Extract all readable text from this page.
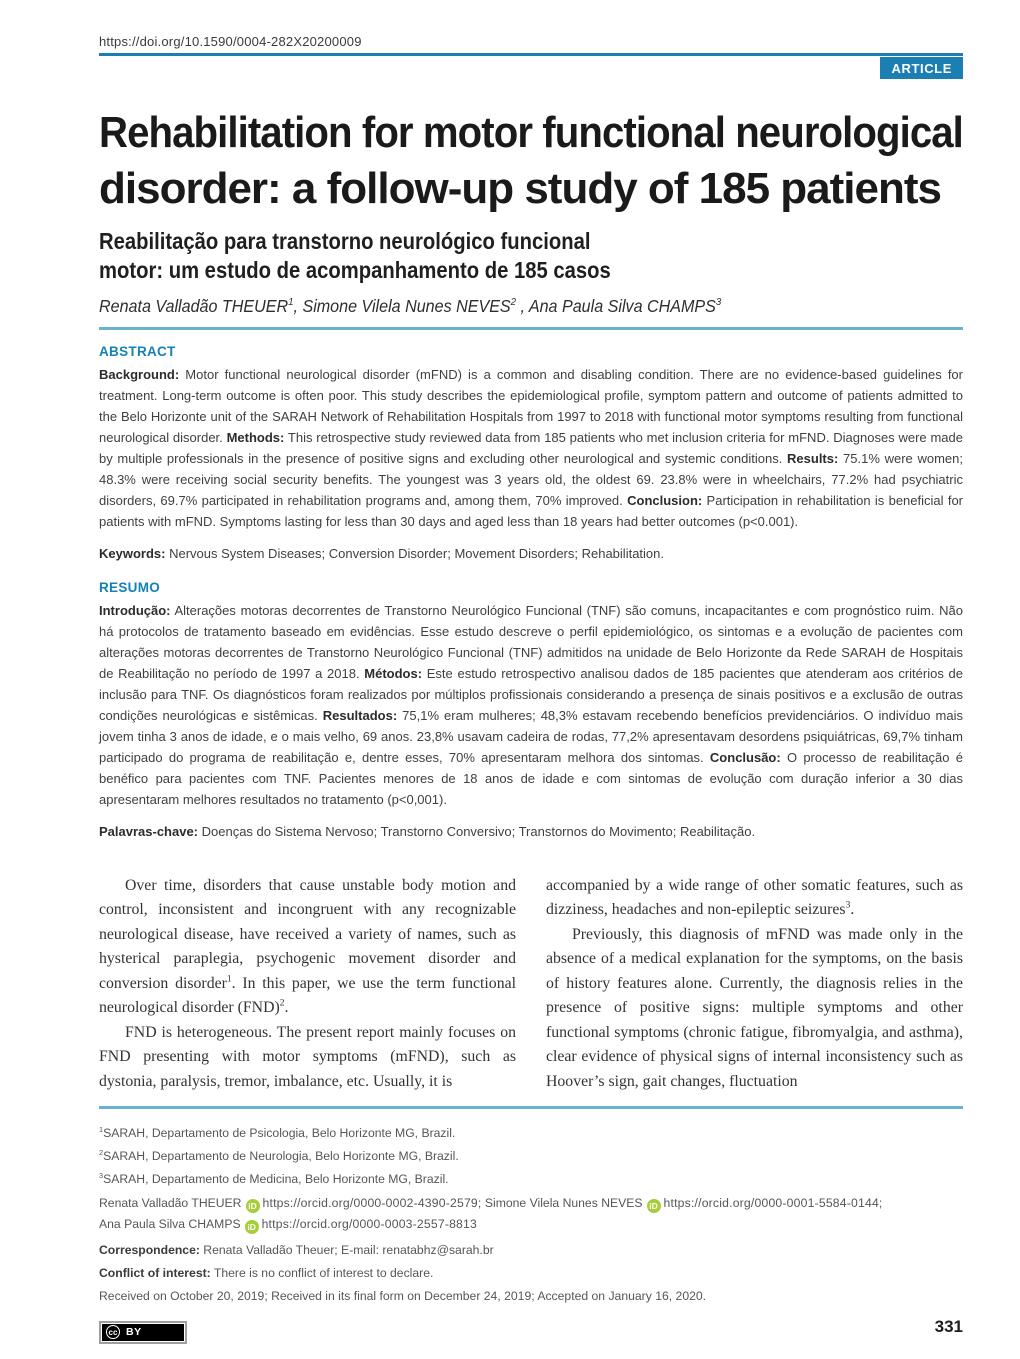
https://doi.org/10.1590/0004-282X20200009
ARTICLE
Rehabilitation for motor functional neurological
disorder: a follow-up study of 185 patients
Reabilitação para transtorno neurológico funcional
motor: um estudo de acompanhamento de 185 casos
Renata Valladão THEUER$^1$, Simone Vilela Nunes NEVES$^2$ , Ana Paula Silva CHAMPS$^3$
ABSTRACT

Background: Motor functional neurological disorder (mFND) is a common and disabling condition. There are no evidence-based guidelines for treatment. Long-term outcome is often poor. This study describes the epidemiological profile, symptom pattern and outcome of patients admitted to the Belo Horizonte unit of the SARAH Network of Rehabilitation Hospitals from 1997 to 2018 with functional motor symptoms resulting from functional neurological disorder. Methods: This retrospective study reviewed data from 185 patients who met inclusion criteria for mFND. Diagnoses were made by multiple professionals in the presence of positive signs and excluding other neurological and systemic conditions. Results: 75.1% were women; 48.3% were receiving social security benefits. The youngest was 3 years old, the oldest 69. 23.8% were in wheelchairs, 77.2% had psychiatric disorders, 69.7% participated in rehabilitation programs and, among them, 70% improved. Conclusion: Participation in rehabilitation is beneficial for patients with mFND. Symptoms lasting for less than 30 days and aged less than 18 years had better outcomes (p<0.001).

Keywords: Nervous System Diseases; Conversion Disorder; Movement Disorders; Rehabilitation.

RESUMO

Introdução: Alterações motoras decorrentes de Transtorno Neurológico Funcional (TNF) são comuns, incapacitantes e com prognóstico ruim. Não há protocolos de tratamento baseado em evidências. Esse estudo descreve o perfil epidemiológico, os sintomas e a evolução de pacientes com alterações motoras decorrentes de Transtorno Neurológico Funcional (TNF) admitidos na unidade de Belo Horizonte da Rede SARAH de Hospitais de Reabilitação no período de 1997 a 2018. Métodos: Este estudo retrospectivo analisou dados de 185 pacientes que atenderam aos critérios de inclusão para TNF. Os diagnósticos foram realizados por múltiplos profissionais considerando a presença de sinais positivos e a exclusão de outras condições neurológicas e sistêmicas. Resultados: 75,1% eram mulheres; 48,3% estavam recebendo benefícios previdenciários. O indivíduo mais jovem tinha 3 anos de idade, e o mais velho, 69 anos. 23,8% usavam cadeira de rodas, 77,2% apresentavam desordens psiquiátricas, 69,7% tinham participado do programa de reabilitação e, dentre esses, 70% apresentaram melhora dos sintomas. Conclusão: O processo de reabilitação é benéfico para pacientes com TNF. Pacientes menores de 18 anos de idade e com sintomas de evolução com duração inferior a 30 dias apresentaram melhores resultados no tratamento (p<0,001).

Palavras-chave: Doenças do Sistema Nervoso; Transtorno Conversivo; Transtornos do Movimento; Reabilitação.

Over time, disorders that cause unstable body motion and control, inconsistent and incongruent with any recognizable neurological disease, have received a variety of names, such as hysterical paraplegia, psychogenic movement disorder and conversion disorder$^1$. In this paper, we use the term functional neurological disorder (FND)$^2$.

FND is heterogeneous. The present report mainly focuses on FND presenting with motor symptoms (mFND), such as dystonia, paralysis, tremor, imbalance, etc. Usually, it is

accompanied by a wide range of other somatic features, such as dizziness, headaches and non-epileptic seizures$^3$.

Previously, this diagnosis of mFND was made only in the absence of a medical explanation for the symptoms, on the basis of history features alone. Currently, the diagnosis relies in the presence of positive signs: multiple symptoms and other functional symptoms (chronic fatigue, fibromyalgia, and asthma), clear evidence of physical signs of internal inconsistency such as Hoover’s sign, gait changes, fluctuation

$^1$SARAH, Departamento de Psicologia, Belo Horizonte MG, Brazil.
$^2$SARAH, Departamento de Neurologia, Belo Horizonte MG, Brazil.
$^3$SARAH, Departamento de Medicina, Belo Horizonte MG, Brazil.
Renata Valladão THEUER iD https://orcid.org/0000-0002-4390-2579; Simone Vilela Nunes NEVES iD https://orcid.org/0000-0001-5584-0144;
Ana Paula Silva CHAMPS iD https://orcid.org/0000-0003-2557-8813
Correspondence: Renata Valladão Theuer; E-mail: renatabhz@sarah.br
Conflict of interest: There is no conflict of interest to declare.
Received on October 20, 2019; Received in its final form on December 24, 2019; Accepted on January 16, 2020.
cc BY	331
